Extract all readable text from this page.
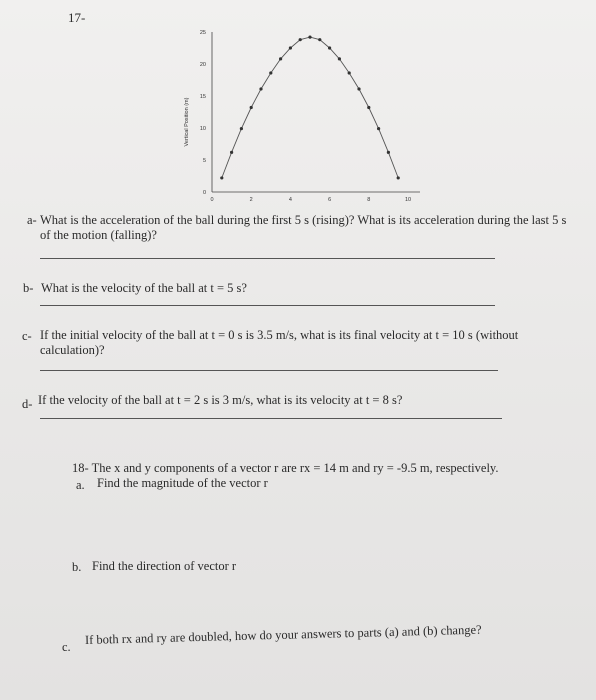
17-
Vertical Position (m)
0
5
10
15
20
25
0	2	4	6	8	10
a- What is the acceleration of the ball during the first 5 s (rising)? What is its acceleration during the last 5 s of the motion (falling)?
b- What is the velocity of the ball at t = 5 s?
c- If the initial velocity of the ball at t = 0 s is 3.5 m/s, what is its final velocity at t = 10 s (without calculation)?
d- If the velocity of the ball at t = 2 s is 3 m/s, what is its velocity at t = 8 s?
18- The x and y components of a vector r are rx = 14 m and ry = -9.5 m, respectively.
a. Find the magnitude of the vector r
b. Find the direction of vector r
c.
If both rx and ry are doubled, how do your answers to parts (a) and (b) change?
